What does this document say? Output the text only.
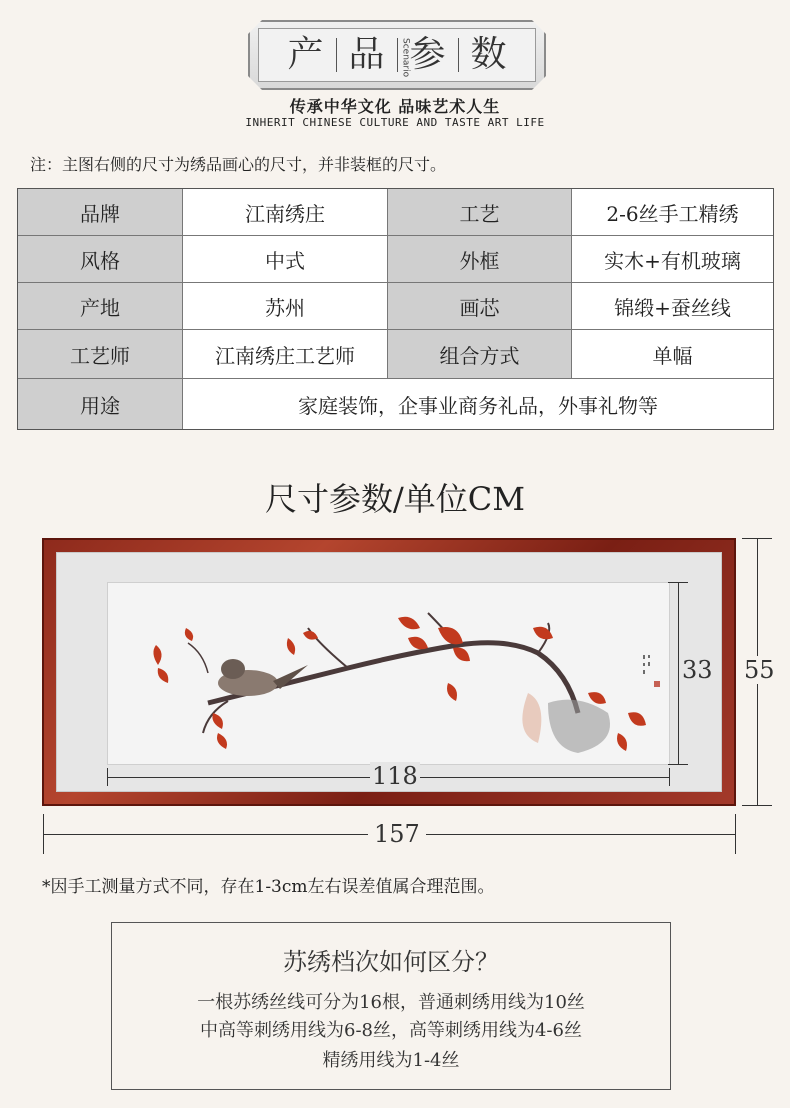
产 品	Scenario
参 数
传承中华文化 品味艺术人生
INHERIT CHINESE CULTURE AND TASTE ART LIFE
注：主图右侧的尺寸为绣品画心的尺寸，并非装框的尺寸。
品牌	江南绣庄	工艺	2-6丝手工精绣
风格	中式	外框	实木+有机玻璃
产地	苏州	画芯	锦缎+蚕丝线
工艺师	江南绣庄工艺师	组合方式	单幅
用途	家庭装饰，企事业商务礼品，外事礼物等
尺寸参数/单位CM
33 55
118
157
*因手工测量方式不同，存在1-3cm左右误差值属合理范围。
苏绣档次如何区分？
一根苏绣丝线可分为16根，普通刺绣用线为10丝
中高等刺绣用线为6-8丝，高等刺绣用线为4-6丝
精绣用线为1-4丝
